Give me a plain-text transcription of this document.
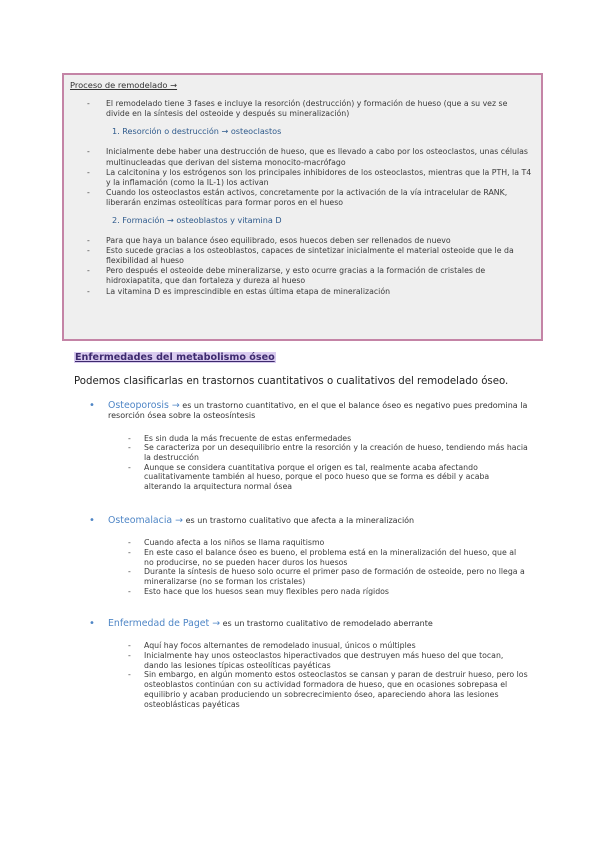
Proceso de remodelado →
- El remodelado tiene 3 fases e incluye la resorción (destrucción) y formación de hueso (que a su vez se divide en la síntesis del osteoide y después su mineralización)
1. Resorción o destrucción → osteoclastos
- Inicialmente debe haber una destrucción de hueso, que es llevado a cabo por los osteoclastos, unas células multinucleadas que derivan del sistema monocito-macrófago
- La calcitonina y los estrógenos son los principales inhibidores de los osteoclastos, mientras que la PTH, la T4 y la inflamación (como la IL-1) los activan
- Cuando los osteoclastos están activos, concretamente por la activación de la vía intracelular de RANK, liberarán enzimas osteolíticas para formar poros en el hueso
2. Formación → osteoblastos y vitamina D
- Para que haya un balance óseo equilibrado, esos huecos deben ser rellenados de nuevo
- Esto sucede gracias a los osteoblastos, capaces de sintetizar inicialmente el material osteoide que le da flexibilidad al hueso
- Pero después el osteoide debe mineralizarse, y esto ocurre gracias a la formación de cristales de hidroxiapatita, que dan fortaleza y dureza al hueso
- La vitamina D es imprescindible en estas última etapa de mineralización
Enfermedades del metabolismo óseo
Podemos clasificarlas en trastornos cuantitativos o cualitativos del remodelado óseo.
• Osteoporosis → es un trastorno cuantitativo, en el que el balance óseo es negativo pues predomina la resorción ósea sobre la osteosíntesis
- Es sin duda la más frecuente de estas enfermedades
- Se caracteriza por un desequilibrio entre la resorción y la creación de hueso, tendiendo más hacia la destrucción
- Aunque se considera cuantitativa porque el origen es tal, realmente acaba afectando cualitativamente también al hueso, porque el poco hueso que se forma es débil y acaba alterando la arquitectura normal ósea
• Osteomalacia → es un trastorno cualitativo que afecta a la mineralización
- Cuando afecta a los niños se llama raquitismo
- En este caso el balance óseo es bueno, el problema está en la mineralización del hueso, que al no producirse, no se pueden hacer duros los huesos
- Durante la síntesis de hueso solo ocurre el primer paso de formación de osteoide, pero no llega a mineralizarse (no se forman los cristales)
- Esto hace que los huesos sean muy flexibles pero nada rígidos
• Enfermedad de Paget → es un trastorno cualitativo de remodelado aberrante
- Aquí hay focos alternantes de remodelado inusual, únicos o múltiples
- Inicialmente hay unos osteoclastos hiperactivados que destruyen más hueso del que tocan, dando las lesiones típicas osteolíticas payéticas
- Sin embargo, en algún momento estos osteoclastos se cansan y paran de destruir hueso, pero los osteoblastos continúan con su actividad formadora de hueso, que en ocasiones sobrepasa el equilibrio y acaban produciendo un sobrecrecimiento óseo, apareciendo ahora las lesiones osteoblásticas payéticas
